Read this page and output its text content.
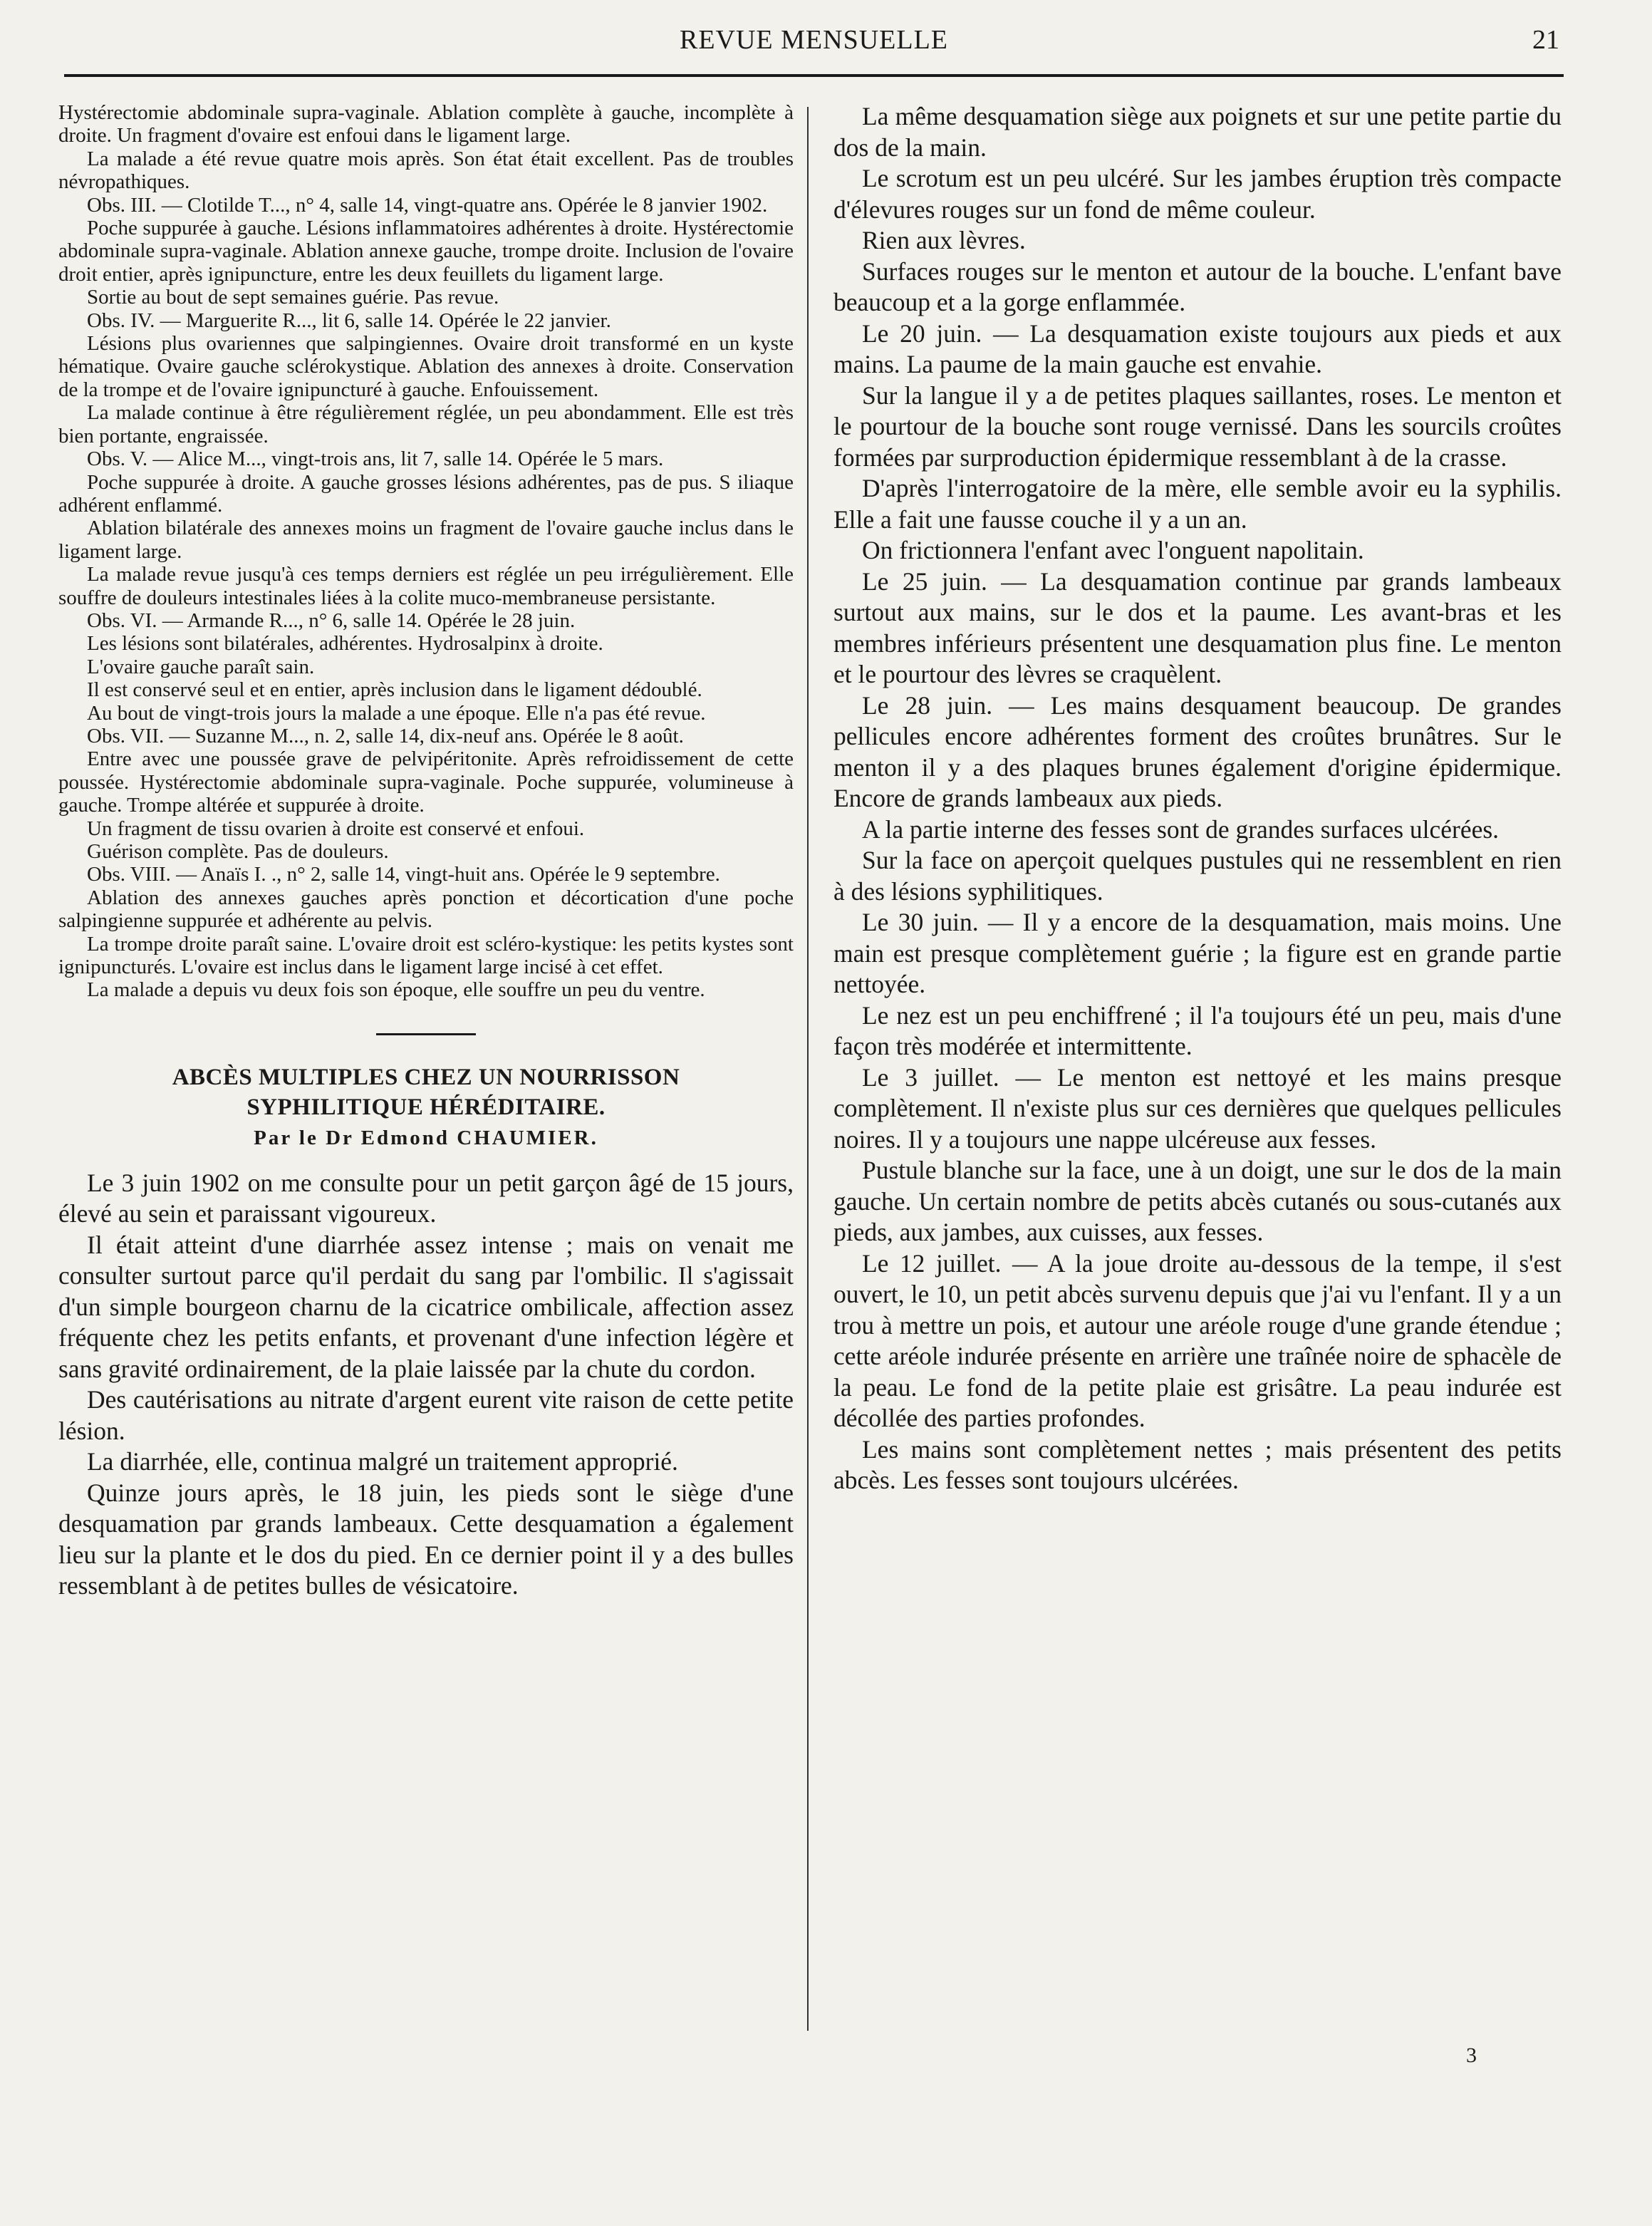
REVUE MENSUELLE	21

Hystérectomie abdominale supra-vaginale. Ablation complète à gauche, incomplète à droite. Un fragment d'ovaire est enfoui dans le ligament large.

La malade a été revue quatre mois après. Son état était excellent. Pas de troubles névropathiques.

Obs. III. — Clotilde T..., n° 4, salle 14, vingt-quatre ans. Opérée le 8 janvier 1902.

Poche suppurée à gauche. Lésions inflammatoires adhérentes à droite. Hystérectomie abdominale supra-vaginale. Ablation annexe gauche, trompe droite. Inclusion de l'ovaire droit entier, après ignipuncture, entre les deux feuillets du ligament large.

Sortie au bout de sept semaines guérie. Pas revue.

Obs. IV. — Marguerite R..., lit 6, salle 14. Opérée le 22 janvier.

Lésions plus ovariennes que salpingiennes. Ovaire droit transformé en un kyste hématique. Ovaire gauche sclérokystique. Ablation des annexes à droite. Conservation de la trompe et de l'ovaire ignipuncturé à gauche. Enfouissement.

La malade continue à être régulièrement réglée, un peu abondamment. Elle est très bien portante, engraissée.

Obs. V. — Alice M..., vingt-trois ans, lit 7, salle 14. Opérée le 5 mars.

Poche suppurée à droite. A gauche grosses lésions adhérentes, pas de pus. S iliaque adhérent enflammé.

Ablation bilatérale des annexes moins un fragment de l'ovaire gauche inclus dans le ligament large.

La malade revue jusqu'à ces temps derniers est réglée un peu irrégulièrement. Elle souffre de douleurs intestinales liées à la colite muco-membraneuse persistante.

Obs. VI. — Armande R..., n° 6, salle 14. Opérée le 28 juin.

Les lésions sont bilatérales, adhérentes. Hydrosalpinx à droite.

L'ovaire gauche paraît sain.

Il est conservé seul et en entier, après inclusion dans le ligament dédoublé.

Au bout de vingt-trois jours la malade a une époque. Elle n'a pas été revue.

Obs. VII. — Suzanne M..., n. 2, salle 14, dix-neuf ans. Opérée le 8 août.

Entre avec une poussée grave de pelvipéritonite. Après refroidissement de cette poussée. Hystérectomie abdominale supra-vaginale. Poche suppurée, volumineuse à gauche. Trompe altérée et suppurée à droite.

Un fragment de tissu ovarien à droite est conservé et enfoui.

Guérison complète. Pas de douleurs.

Obs. VIII. — Anaïs I. ., n° 2, salle 14, vingt-huit ans. Opérée le 9 septembre.

Ablation des annexes gauches après ponction et décortication d'une poche salpingienne suppurée et adhérente au pelvis.

La trompe droite paraît saine. L'ovaire droit est scléro-kystique: les petits kystes sont ignipuncturés. L'ovaire est inclus dans le ligament large incisé à cet effet.

La malade a depuis vu deux fois son époque, elle souffre un peu du ventre.

ABCÈS MULTIPLES CHEZ UN NOURRISSON
SYPHILITIQUE HÉRÉDITAIRE.
Par le Dr Edmond CHAUMIER.

Le 3 juin 1902 on me consulte pour un petit garçon âgé de 15 jours, élevé au sein et paraissant vigoureux.

Il était atteint d'une diarrhée assez intense ; mais on venait me consulter surtout parce qu'il perdait du sang par l'ombilic. Il s'agissait d'un simple bourgeon charnu de la cicatrice ombilicale, affection assez fréquente chez les petits enfants, et provenant d'une infection légère et sans gravité ordinairement, de la plaie laissée par la chute du cordon.

Des cautérisations au nitrate d'argent eurent vite raison de cette petite lésion.

La diarrhée, elle, continua malgré un traitement approprié.

Quinze jours après, le 18 juin, les pieds sont le siège d'une desquamation par grands lambeaux. Cette desquamation a également lieu sur la plante et le dos du pied. En ce dernier point il y a des bulles ressemblant à de petites bulles de vésicatoire.

La même desquamation siège aux poignets et sur une petite partie du dos de la main.

Le scrotum est un peu ulcéré. Sur les jambes éruption très compacte d'élevures rouges sur un fond de même couleur.

Rien aux lèvres.

Surfaces rouges sur le menton et autour de la bouche. L'enfant bave beaucoup et a la gorge enflammée.

Le 20 juin. — La desquamation existe toujours aux pieds et aux mains. La paume de la main gauche est envahie.

Sur la langue il y a de petites plaques saillantes, roses. Le menton et le pourtour de la bouche sont rouge vernissé. Dans les sourcils croûtes formées par surproduction épidermique ressemblant à de la crasse.

D'après l'interrogatoire de la mère, elle semble avoir eu la syphilis. Elle a fait une fausse couche il y a un an.

On frictionnera l'enfant avec l'onguent napolitain.

Le 25 juin. — La desquamation continue par grands lambeaux surtout aux mains, sur le dos et la paume. Les avant-bras et les membres inférieurs présentent une desquamation plus fine. Le menton et le pourtour des lèvres se craquèlent.

Le 28 juin. — Les mains desquament beaucoup. De grandes pellicules encore adhérentes forment des croûtes brunâtres. Sur le menton il y a des plaques brunes également d'origine épidermique. Encore de grands lambeaux aux pieds.

A la partie interne des fesses sont de grandes surfaces ulcérées.

Sur la face on aperçoit quelques pustules qui ne ressemblent en rien à des lésions syphilitiques.

Le 30 juin. — Il y a encore de la desquamation, mais moins. Une main est presque complètement guérie ; la figure est en grande partie nettoyée.

Le nez est un peu enchiffrené ; il l'a toujours été un peu, mais d'une façon très modérée et intermittente.

Le 3 juillet. — Le menton est nettoyé et les mains presque complètement. Il n'existe plus sur ces dernières que quelques pellicules noires. Il y a toujours une nappe ulcéreuse aux fesses.

Pustule blanche sur la face, une à un doigt, une sur le dos de la main gauche. Un certain nombre de petits abcès cutanés ou sous-cutanés aux pieds, aux jambes, aux cuisses, aux fesses.

Le 12 juillet. — A la joue droite au-dessous de la tempe, il s'est ouvert, le 10, un petit abcès survenu depuis que j'ai vu l'enfant. Il y a un trou à mettre un pois, et autour une aréole rouge d'une grande étendue ; cette aréole indurée présente en arrière une traînée noire de sphacèle de la peau. Le fond de la petite plaie est grisâtre. La peau indurée est décollée des parties profondes.

Les mains sont complètement nettes ; mais présentent des petits abcès. Les fesses sont toujours ulcérées.

3
